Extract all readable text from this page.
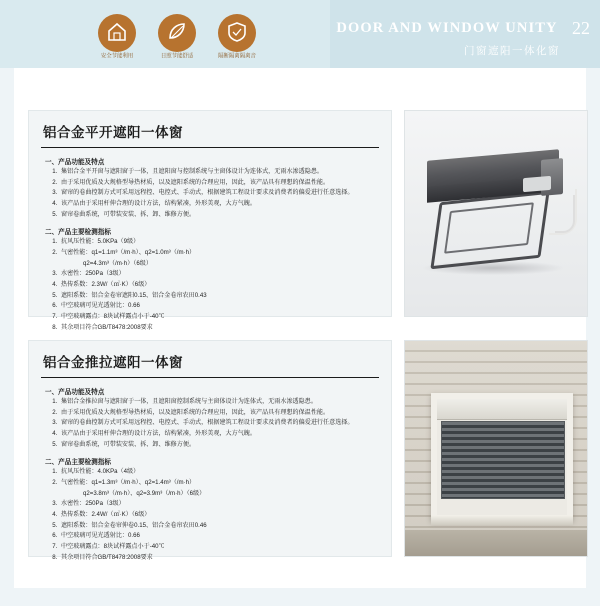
安全节能利用	日照节能舒适	隔断隔离隔离音
DOOR AND WINDOW UNITY 22
门窗遮阳一体化窗
铝合金平开遮阳一体窗
一、产品功能及特点
1. 集铝合金平开窗与遮阳窗于一体，且遮阳窗与控制系统与主窗体设计为连体式，无雨水渗透隐患。
2. 由于采用优质及大规格型导热材质，以及遮阳系统的合理应用，因此，该产品具有理想的保温性能。
3. 窗帘的卷曲控制方式可采用远程控、电控式、手动式，根据建筑工程设计要求及消费者的偏爱进行任意选择。
4. 该产品由于采用杆伸合理的设计方法，结构紧凑，外形美观，大方气魄。
5. 窗帘卷曲系统，可带装安装、拆、卸、维修方便。
二、产品主要检测指标
1. 抗风压性能：5.0KPa（9级）
2. 气密性能：q1=1.1m³（/m·h）、q2=1.0m³（/m·h）
q2=4.3m³（/m·h）（6级）
3. 水密性：250Pa（3级）
4. 热传系数：2.3W/（㎡·K）（6级）
5. 遮阳系数：铝合金卷帘遮阳0.15、铝合金卷帘农田0.43
6. 中空玻璃可见光透射比：0.66
7. 中空玻璃露点：8块试样露点小于-40℃
8. 其余项目符合GB/T8478:2008要求
铝合金推拉遮阳一体窗
一、产品功能及特点
1. 集铝合金推拉窗与遮阳窗于一体，且遮阳窗控制系统与主窗体设计为连体式，无雨水渗透隐患。
2. 由于采用优质及大规格型导热材质，以及遮阳系统的合理应用，因此，该产品具有理想的保温性能。
3. 窗帘的卷曲控制方式可采用远程控、电控式、手动式，根据建筑工程设计要求及消费者的偏爱进行任意选择。
4. 该产品由于采用杆伸合理的设计方法，结构紧凑，外形美观，大方气魄。
5. 窗帘卷曲系统，可带装安装、拆、卸、维修方便。
二、产品主要检测指标
1. 抗风压性能：4.0KPa（4级）
2. 气密性能：q1=1.3m³（/m·h）、q2=1.4m³（/m·h）
q2=3.8m³（/m·h）、q2=3.9m³（/m·h）（6级）
3. 水密性：250Pa（3级）
4. 热传系数：2.4W/（㎡·K）（6级）
5. 遮阳系数：铝合金卷帘伸卷0.15、铝合金卷帘农田0.46
6. 中空玻璃可见光透射比：0.66
7. 中空玻璃露点：8块试样露点小于-40℃
8. 其余项目符合GB/T8478:2008要求
